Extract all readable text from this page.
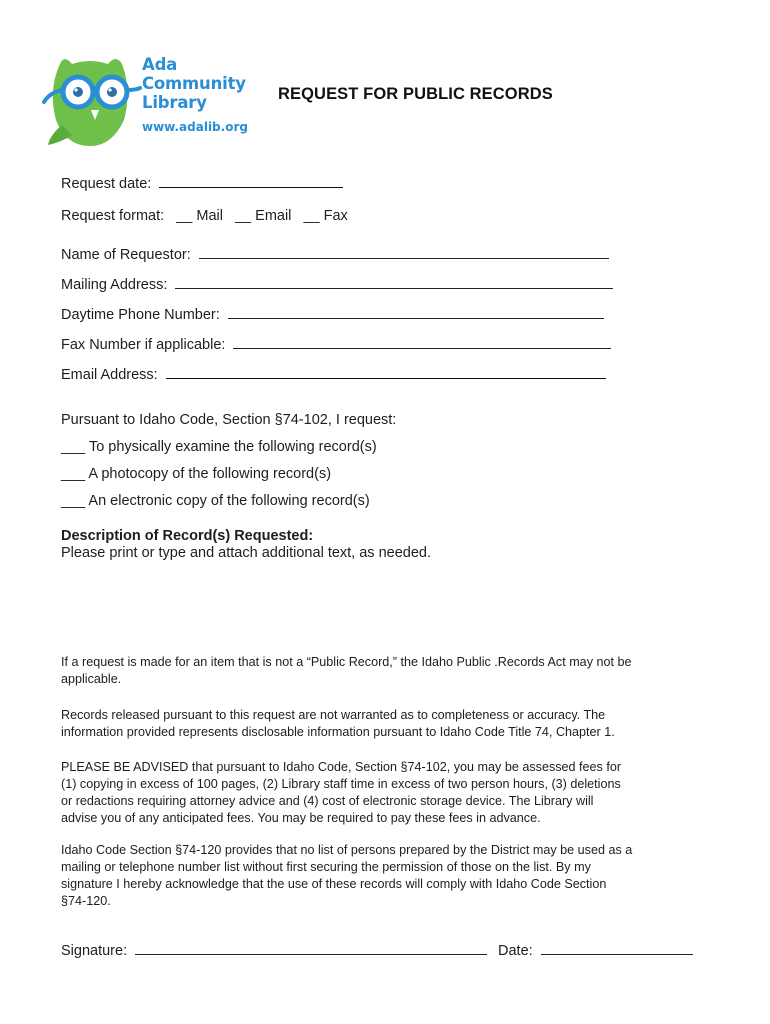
Ada
Community
Library
www.adalib.org
REQUEST FOR PUBLIC RECORDS
Request date:
Request format: __ Mail __ Email __ Fax
Name of Requestor:
Mailing Address:
Daytime Phone Number:
Fax Number if applicable:
Email Address:
Pursuant to Idaho Code, Section §74-102, I request:
___ To physically examine the following record(s)
___ A photocopy of the following record(s)
___ An electronic copy of the following record(s)
Description of Record(s) Requested:
Please print or type and attach additional text, as needed.
If a request is made for an item that is not a “Public Record,” the Idaho Public .Records Act may not be
applicable.
Records released pursuant to this request are not warranted as to completeness or accuracy. The
information provided represents disclosable information pursuant to Idaho Code Title 74, Chapter 1.
PLEASE BE ADVISED that pursuant to Idaho Code, Section §74-102, you may be assessed fees for
(1) copying in excess of 100 pages, (2) Library staff time in excess of two person hours, (3) deletions
or redactions requiring attorney advice and (4) cost of electronic storage device. The Library will
advise you of any anticipated fees. You may be required to pay these fees in advance.
Idaho Code Section §74-120 provides that no list of persons prepared by the District may be used as a
mailing or telephone number list without first securing the permission of those on the list. By my
signature I hereby acknowledge that the use of these records will comply with Idaho Code Section
§74-120.
Signature:	Date:
